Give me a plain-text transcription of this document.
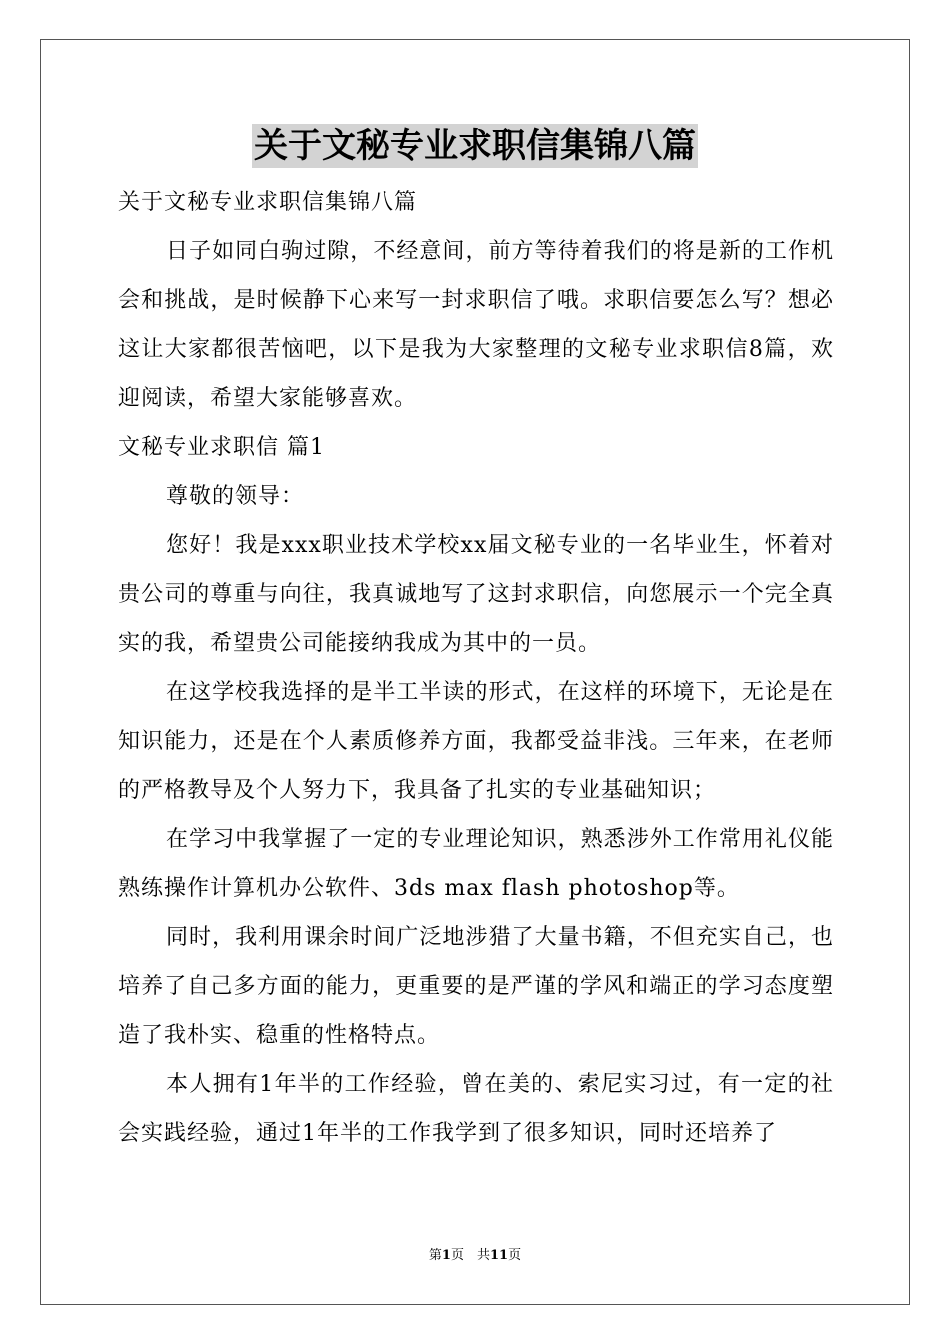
关于文秘专业求职信集锦八篇

关于文秘专业求职信集锦八篇

日子如同白驹过隙，不经意间，前方等待着我们的将是新的工作机会和挑战，是时候静下心来写一封求职信了哦。求职信要怎么写？想必这让大家都很苦恼吧，以下是我为大家整理的文秘专业求职信8篇，欢迎阅读，希望大家能够喜欢。

文秘专业求职信 篇1

尊敬的领导：

您好！我是xxx职业技术学校xx届文秘专业的一名毕业生，怀着对贵公司的尊重与向往，我真诚地写了这封求职信，向您展示一个完全真实的我，希望贵公司能接纳我成为其中的一员。

在这学校我选择的是半工半读的形式，在这样的环境下，无论是在知识能力，还是在个人素质修养方面，我都受益非浅。三年来，在老师的严格教导及个人努力下，我具备了扎实的专业基础知识；

在学习中我掌握了一定的专业理论知识，熟悉涉外工作常用礼仪能熟练操作计算机办公软件、3ds max flash photoshop等。

同时，我利用课余时间广泛地涉猎了大量书籍，不但充实自己，也培养了自己多方面的能力，更重要的是严谨的学风和端正的学习态度塑造了我朴实、稳重的性格特点。

本人拥有1年半的工作经验，曾在美的、索尼实习过，有一定的社会实践经验，通过1年半的工作我学到了很多知识，同时还培养了

第1页　共11页
